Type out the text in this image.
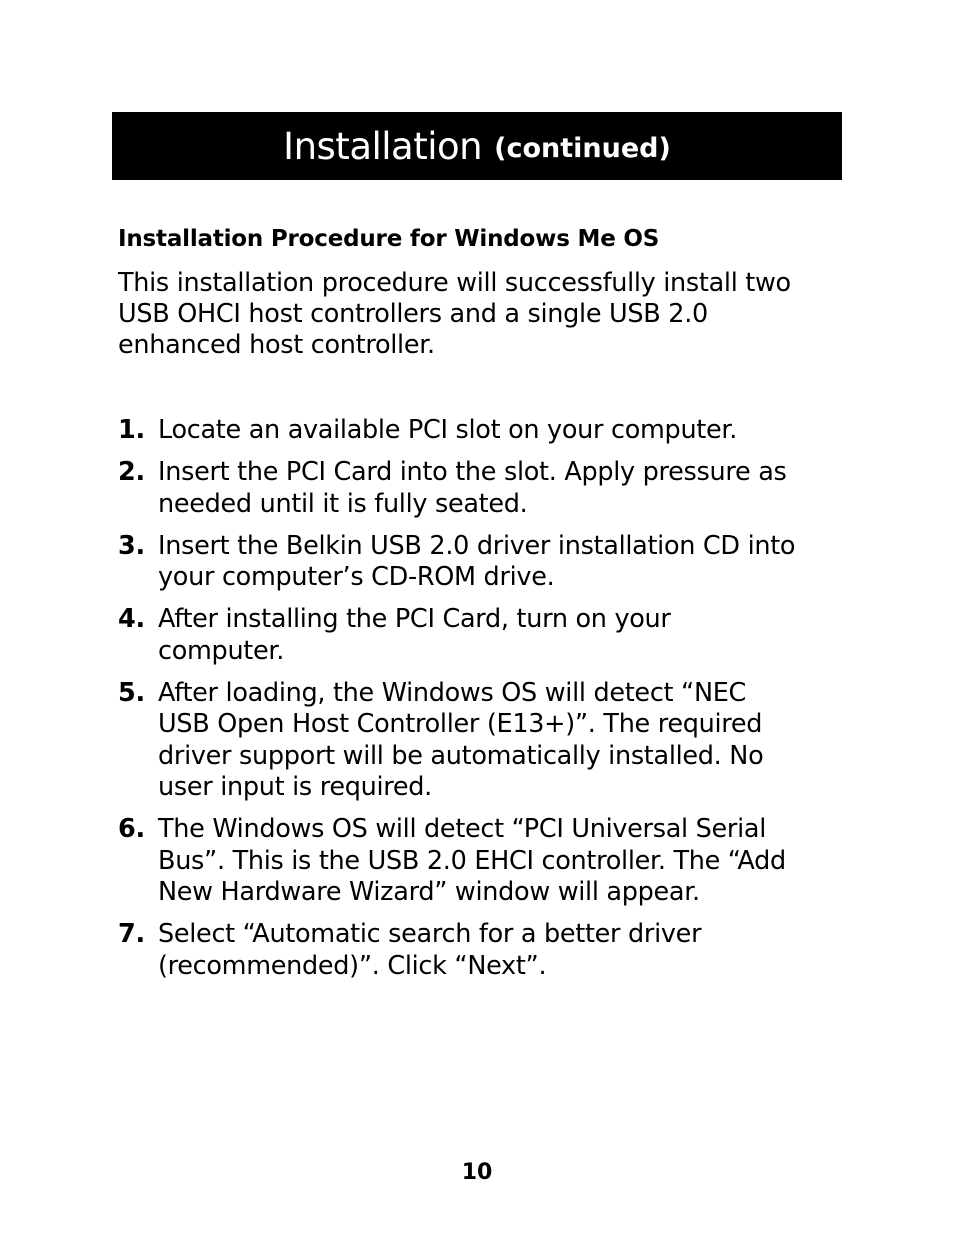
Installation (continued)
Installation Procedure for Windows Me OS

This installation procedure will successfully install two
USB OHCI host controllers and a single USB 2.0
enhanced host controller.

1. Locate an available PCI slot on your computer.
2. Insert the PCI Card into the slot. Apply pressure as
needed until it is fully seated.
3. Insert the Belkin USB 2.0 driver installation CD into
your computer’s CD-ROM drive.
4. After installing the PCI Card, turn on your
computer.
5. After loading, the Windows OS will detect “NEC
USB Open Host Controller (E13+)”. The required
driver support will be automatically installed. No
user input is required.
6. The Windows OS will detect “PCI Universal Serial
Bus”. This is the USB 2.0 EHCI controller. The “Add
New Hardware Wizard” window will appear.
7. Select “Automatic search for a better driver
(recommended)”. Click “Next”.
10
